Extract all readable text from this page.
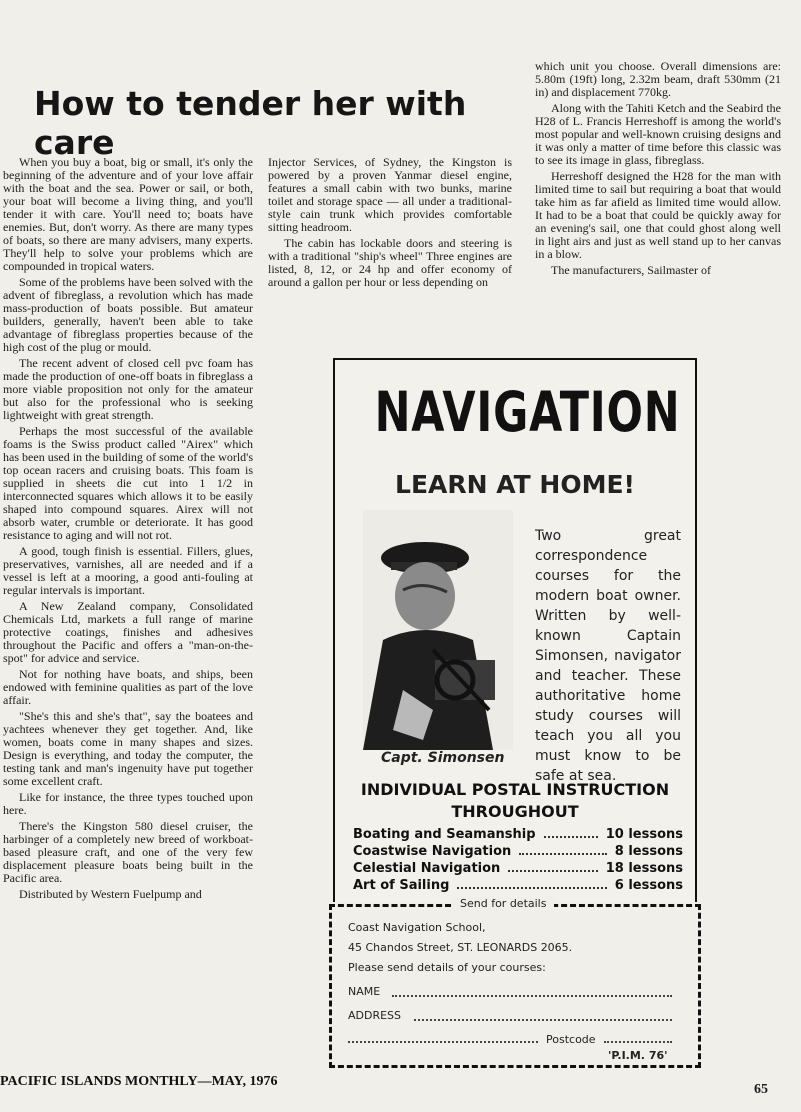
How to tender her with care

When you buy a boat, big or small, it's only the beginning of the adventure and of your love affair with the boat and the sea. Power or sail, or both, your boat will become a living thing, and you'll tender it with care. You'll need to; boats have enemies. But, don't worry. As there are many types of boats, so there are many advisers, many experts. They'll help to solve your problems which are compounded in tropical waters.

Some of the problems have been solved with the advent of fibreglass, a revolution which has made mass-production of boats possible. But amateur builders, generally, haven't been able to take advantage of fibreglass properties because of the high cost of the plug or mould.

The recent advent of closed cell pvc foam has made the production of one-off boats in fibreglass a more viable proposition not only for the amateur but also for the professional who is seeking lightweight with great strength.

Perhaps the most successful of the available foams is the Swiss product called "Airex" which has been used in the building of some of the world's top ocean racers and cruising boats. This foam is supplied in sheets die cut into 1 1/2 in interconnected squares which allows it to be easily shaped into compound squares. Airex will not absorb water, crumble or deteriorate. It has good resistance to aging and will not rot.

A good, tough finish is essential. Fillers, glues, preservatives, varnishes, all are needed and if a vessel is left at a mooring, a good anti-fouling at regular intervals is important.

A New Zealand company, Consolidated Chemicals Ltd, markets a full range of marine protective coatings, finishes and adhesives throughout the Pacific and offers a "man-on-the-spot" for advice and service.

Not for nothing have boats, and ships, been endowed with feminine qualities as part of the love affair.

"She's this and she's that", say the boatees and yachtees whenever they get together. And, like women, boats come in many shapes and sizes. Design is everything, and today the computer, the testing tank and man's ingenuity have put together some excellent craft.

Like for instance, the three types touched upon here.

There's the Kingston 580 diesel cruiser, the harbinger of a completely new breed of workboat-based pleasure craft, and one of the very few displacement pleasure boats being built in the Pacific area.

Distributed by Western Fuelpump and

Injector Services, of Sydney, the Kingston is powered by a proven Yanmar diesel engine, features a small cabin with two bunks, marine toilet and storage space — all under a traditional-style cain trunk which provides comfortable sitting headroom.

The cabin has lockable doors and steering is with a traditional "ship's wheel" Three engines are listed, 8, 12, or 24 hp and offer economy of around a gallon per hour or less depending on

which unit you choose. Overall dimensions are: 5.80m (19ft) long, 2.32m beam, draft 530mm (21 in) and displacement 770kg.

Along with the Tahiti Ketch and the Seabird the H28 of L. Francis Herreshoff is among the world's most popular and well-known cruising designs and it was only a matter of time before this classic was to see its image in glass, fibreglass.

Herreshoff designed the H28 for the man with limited time to sail but requiring a boat that would take him as far afield as limited time would allow. It had to be a boat that could be quickly away for an evening's sail, one that could ghost along well in light airs and just as well stand up to her canvas in a blow.

The manufacturers, Sailmaster of

NAVIGATION
LEARN AT HOME!
Capt. Simonsen
Two great correspondence courses for the modern boat owner. Written by well-known Captain Simonsen, navigator and teacher. These authoritative home study courses will teach you all you must know to be safe at sea.
INDIVIDUAL POSTAL INSTRUCTION
THROUGHOUT
Boating and Seamanship	10 lessons
Coastwise Navigation	8 lessons
Celestial Navigation	18 lessons
Art of Sailing	6 lessons
Send for details
Coast Navigation School,
45 Chandos Street, ST. LEONARDS 2065.
Please send details of your courses:
NAME
ADDRESS
Postcode
'P.I.M. 76'
PACIFIC ISLANDS MONTHLY—MAY, 1976
65
